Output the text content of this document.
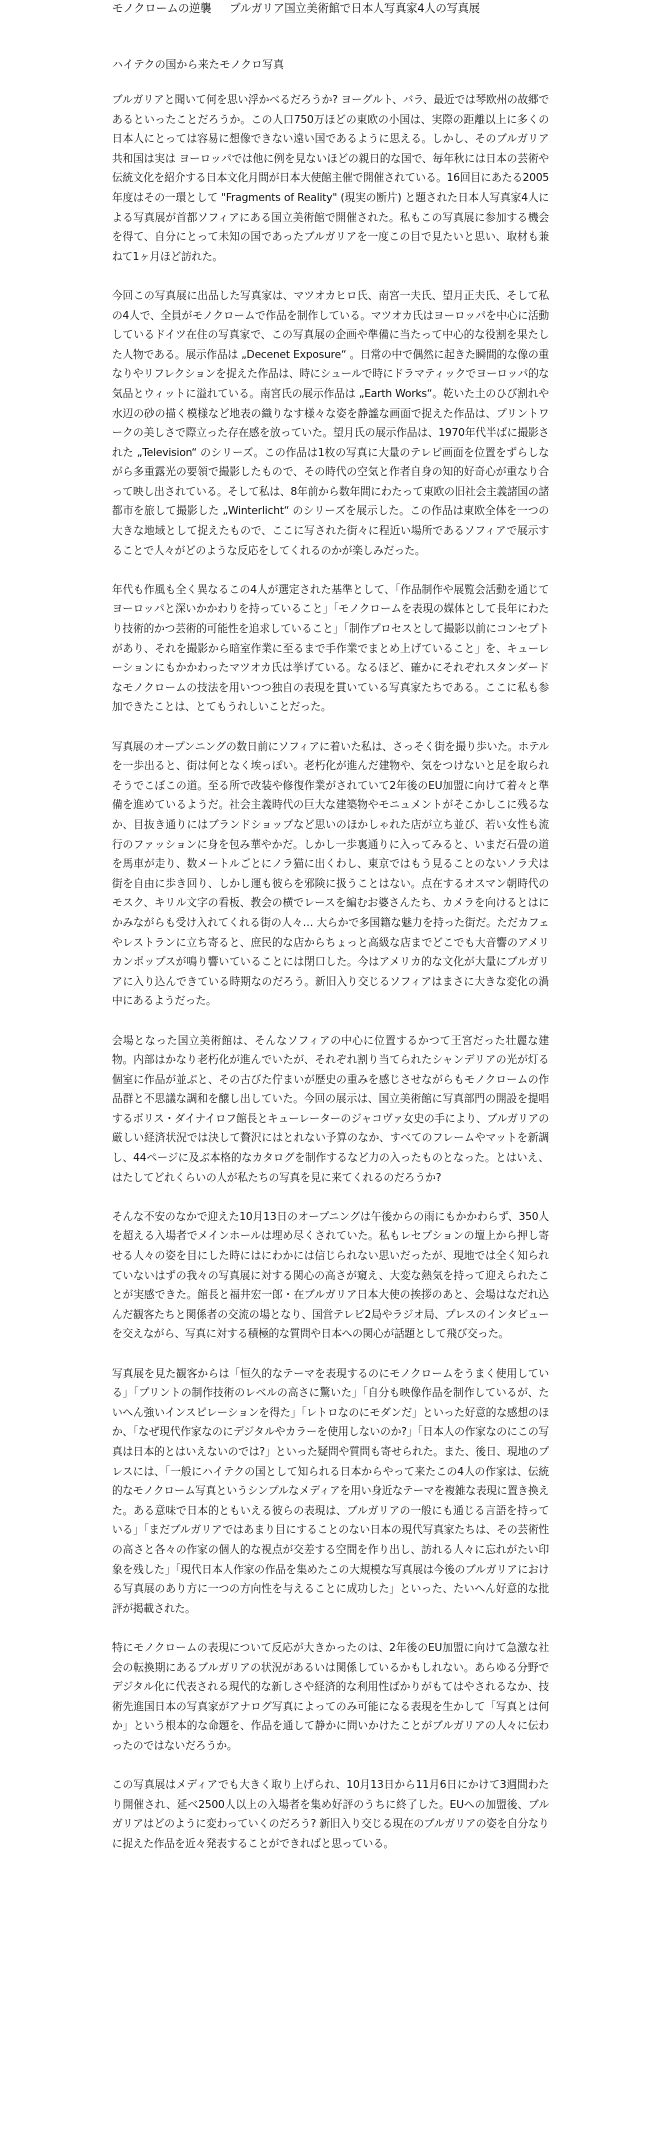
モノクロームの逆襲 ブルガリア国立美術館で日本人写真家4人の写真展
ハイテクの国から来たモノクロ写真

ブルガリアと聞いて何を思い浮かべるだろうか? ヨーグルト、バラ、最近では琴欧州の故郷であるといったことだろうか。この人口750万ほどの東欧の小国は、実際の距離以上に多くの日本人にとっては容易に想像できない遠い国であるように思える。しかし、そのブルガリア共和国は実は ヨーロッパでは他に例を見ないほどの親日的な国で、毎年秋には日本の芸術や伝統文化を紹介する日本文化月間が日本大使館主催で開催されている。16回目にあたる2005年度はその一環として "Fragments of Reality" (現実の断片) と題された日本人写真家4人による写真展が首都ソフィアにある国立美術館で開催された。私もこの写真展に参加する機会を得て、自分にとって未知の国であったブルガリアを一度この目で見たいと思い、取材も兼ねて1ヶ月ほど訪れた。

今回この写真展に出品した写真家は、マツオカヒロ氏、南宮一夫氏、望月正夫氏、そして私の4人で、全員がモノクロームで作品を制作している。マツオカ氏はヨーロッパを中心に活動しているドイツ在住の写真家で、この写真展の企画や準備に当たって中心的な役割を果たした人物である。展示作品は „Decenet Exposure“ 。日常の中で偶然に起きた瞬間的な像の重なりやリフレクションを捉えた作品は、時にシュールで時にドラマティックでヨーロッパ的な気品とウィットに溢れている。南宮氏の展示作品は „Earth Works“。乾いた土のひび割れや水辺の砂の描く模様など地表の織りなす様々な姿を静謐な画面で捉えた作品は、プリントワークの美しさで際立った存在感を放っていた。望月氏の展示作品は、1970年代半ばに撮影された „Television“ のシリーズ。この作品は1枚の写真に大量のテレビ画面を位置をずらしながら多重露光の要領で撮影したもので、その時代の空気と作者自身の知的好奇心が重なり合って映し出されている。そして私は、8年前から数年間にわたって東欧の旧社会主義諸国の諸都市を旅して撮影した „Winterlicht“ のシリーズを展示した。この作品は東欧全体を一つの大きな地域として捉えたもので、ここに写された街々に程近い場所であるソフィアで展示することで人々がどのような反応をしてくれるのかが楽しみだった。

年代も作風も全く異なるこの4人が選定された基準として、「作品制作や展覧会活動を通じてヨーロッパと深いかかわりを持っていること」「モノクロームを表現の媒体として長年にわたり技術的かつ芸術的可能性を追求していること」「制作プロセスとして撮影以前にコンセプトがあり、それを撮影から暗室作業に至るまで手作業でまとめ上げていること」を、キューレーションにもかかわったマツオカ氏は挙げている。なるほど、確かにそれぞれスタンダードなモノクロームの技法を用いつつ独自の表現を貫いている写真家たちである。ここに私も参加できたことは、とてもうれしいことだった。

写真展のオープンニングの数日前にソフィアに着いた私は、さっそく街を撮り歩いた。ホテルを一歩出ると、街は何となく埃っぽい。老朽化が進んだ建物や、気をつけないと足を取られそうでこぼこの道。至る所で改装や修復作業がされていて2年後のEU加盟に向けて着々と準備を進めているようだ。社会主義時代の巨大な建築物やモニュメントがそこかしこに残るなか、目抜き通りにはブランドショップなど思いのほかしゃれた店が立ち並び、若い女性も流行のファッションに身を包み華やかだ。しかし一歩裏通りに入ってみると、いまだ石畳の道を馬車が走り、数メートルごとにノラ猫に出くわし、東京ではもう見ることのないノラ犬は街を自由に歩き回り、しかし運も彼らを邪険に扱うことはない。点在するオスマン朝時代のモスク、キリル文字の看板、教会の横でレースを編むお婆さんたち、カメラを向けるとはにかみながらも受け入れてくれる街の人々… 大らかで多国籍な魅力を持った街だ。ただカフェやレストランに立ち寄ると、庶民的な店からちょっと高級な店までどこでも大音響のアメリカンポップスが鳴り響いていることには閉口した。今はアメリカ的な文化が大量にブルガリアに入り込んできている時期なのだろう。新旧入り交じるソフィアはまさに大きな変化の渦中にあるようだった。

会場となった国立美術館は、そんなソフィアの中心に位置するかつて王宮だった壮麗な建物。内部はかなり老朽化が進んでいたが、それぞれ割り当てられたシャンデリアの光が灯る個室に作品が並ぶと、その古びた佇まいが歴史の重みを感じさせながらもモノクロームの作品群と不思議な調和を醸し出していた。今回の展示は、国立美術館に写真部門の開設を提唱するボリス・ダイナイロフ館長とキューレーターのジャコヴァ女史の手により、ブルガリアの厳しい経済状況では決して贅沢にはとれない予算のなか、すべてのフレームやマットを新調し、44ページに及ぶ本格的なカタログを制作するなど力の入ったものとなった。とはいえ、はたしてどれくらいの人が私たちの写真を見に来てくれるのだろうか?

そんな不安のなかで迎えた10月13日のオープニングは午後からの雨にもかかわらず、350人を超える入場者でメインホールは埋め尽くされていた。私もレセプションの壇上から押し寄せる人々の姿を目にした時にはにわかには信じられない思いだったが、現地では全く知られていないはずの我々の写真展に対する関心の高さが窺え、大変な熱気を持って迎えられたことが実感できた。館長と福井宏一郎・在ブルガリア日本大使の挨拶のあと、会場はなだれ込んだ観客たちと関係者の交流の場となり、国営テレビ2局やラジオ局、プレスのインタビューを交えながら、写真に対する積極的な質問や日本への関心が話題として飛び交った。

写真展を見た観客からは「恒久的なテーマを表現するのにモノクロームをうまく使用している」「プリントの制作技術のレベルの高さに驚いた」「自分も映像作品を制作しているが、たいへん強いインスピレーションを得た」「レトロなのにモダンだ」といった好意的な感想のほか、「なぜ現代作家なのにデジタルやカラーを使用しないのか?」「日本人の作家なのにこの写真は日本的とはいえないのでは?」といった疑問や質問も寄せられた。また、後日、現地のプレスには、「一般にハイテクの国として知られる日本からやって来たこの4人の作家は、伝統的なモノクローム写真というシンプルなメディアを用い身近なテーマを複雑な表現に置き換えた。ある意味で日本的ともいえる彼らの表現は、ブルガリアの一般にも通じる言語を持っている」「まだブルガリアではあまり目にすることのない日本の現代写真家たちは、その芸術性の高さと各々の作家の個人的な視点が交差する空間を作り出し、訪れる人々に忘れがたい印象を残した」「現代日本人作家の作品を集めたこの大規模な写真展は今後のブルガリアにおける写真展のあり方に一つの方向性を与えることに成功した」といった、たいへん好意的な批評が掲載された。

特にモノクロームの表現について反応が大きかったのは、2年後のEU加盟に向けて急激な社会の転換期にあるブルガリアの状況があるいは関係しているかもしれない。あらゆる分野でデジタル化に代表される現代的な新しさや経済的な利用性ばかりがもてはやされるなか、技術先進国日本の写真家がアナログ写真によってのみ可能になる表現を生かして「写真とは何か」という根本的な命題を、作品を通して静かに問いかけたことがブルガリアの人々に伝わったのではないだろうか。

この写真展はメディアでも大きく取り上げられ、10月13日から11月6日にかけて3週間わたり開催され、延べ2500人以上の入場者を集め好評のうちに終了した。EUへの加盟後、ブルガリアはどのように変わっていくのだろう? 新旧入り交じる現在のブルガリアの姿を自分なりに捉えた作品を近々発表することができればと思っている。
